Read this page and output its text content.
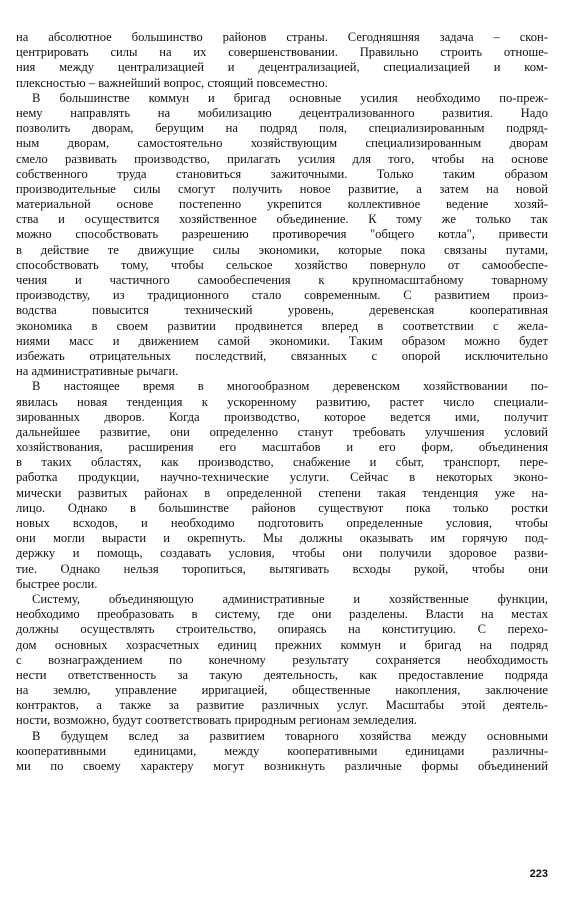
на абсолютное большинство районов страны. Сегодняшняя задача – скон-
центрировать силы на их совершенствовании. Правильно строить отноше-
ния между централизацией и децентрализацией, специализацией и ком-
плексностью – важнейший вопрос, стоящий повсеместно.
В большинстве коммун и бригад основные усилия необходимо по-преж-
нему направлять на мобилизацию децентрализованного развития. Надо
позволить дворам, берущим на подряд поля, специализированным подряд-
ным дворам, самостоятельно хозяйствующим специализированным дворам
смело развивать производство, прилагать усилия для того, чтобы на основе
собственного труда становиться зажиточными. Только таким образом
производительные силы смогут получить новое развитие, а затем на новой
материальной основе постепенно укрепится коллективное ведение хозяй-
ства и осуществится хозяйственное объединение. К тому же только так
можно способствовать разрешению противоречия "общего котла", привести
в действие те движущие силы экономики, которые пока связаны путами,
способствовать тому, чтобы сельское хозяйство повернуло от самообеспе-
чения и частичного самообеспечения к крупномасштабному товарному
производству, из традиционного стало современным. С развитием произ-
водства повысится технический уровень, деревенская кооперативная
экономика в своем развитии продвинется вперед в соответствии с жела-
ниями масс и движением самой экономики. Таким образом можно будет
избежать отрицательных последствий, связанных с опорой исключительно
на административные рычаги.
В настоящее время в многообразном деревенском хозяйствовании по-
явилась новая тенденция к ускоренному развитию, растет число специали-
зированных дворов. Когда производство, которое ведется ими, получит
дальнейшее развитие, они определенно станут требовать улучшения условий
хозяйствования, расширения его масштабов и его форм, объединения
в таких областях, как производство, снабжение и сбыт, транспорт, пере-
работка продукции, научно-технические услуги. Сейчас в некоторых эконо-
мически развитых районах в определенной степени такая тенденция уже на-
лицо. Однако в большинстве районов существуют пока только ростки
новых всходов, и необходимо подготовить определенные условия, чтобы
они могли вырасти и окрепнуть. Мы должны оказывать им горячую под-
держку и помощь, создавать условия, чтобы они получили здоровое разви-
тие. Однако нельзя торопиться, вытягивать всходы рукой, чтобы они
быстрее росли.
Систему, объединяющую административные и хозяйственные функции,
необходимо преобразовать в систему, где они разделены. Власти на местах
должны осуществлять строительство, опираясь на конституцию. С перехо-
дом основных хозрасчетных единиц прежних коммун и бригад на подряд
с вознаграждением по конечному результату сохраняется необходимость
нести ответственность за такую деятельность, как предоставление подряда
на землю, управление ирригацией, общественные накопления, заключение
контрактов, а также за развитие различных услуг. Масштабы этой деятель-
ности, возможно, будут соответствовать природным регионам земледелия.
В будущем вслед за развитием товарного хозяйства между основными
кооперативными единицами, между кооперативными единицами различны-
ми по своему характеру могут возникнуть различные формы объединений
223
